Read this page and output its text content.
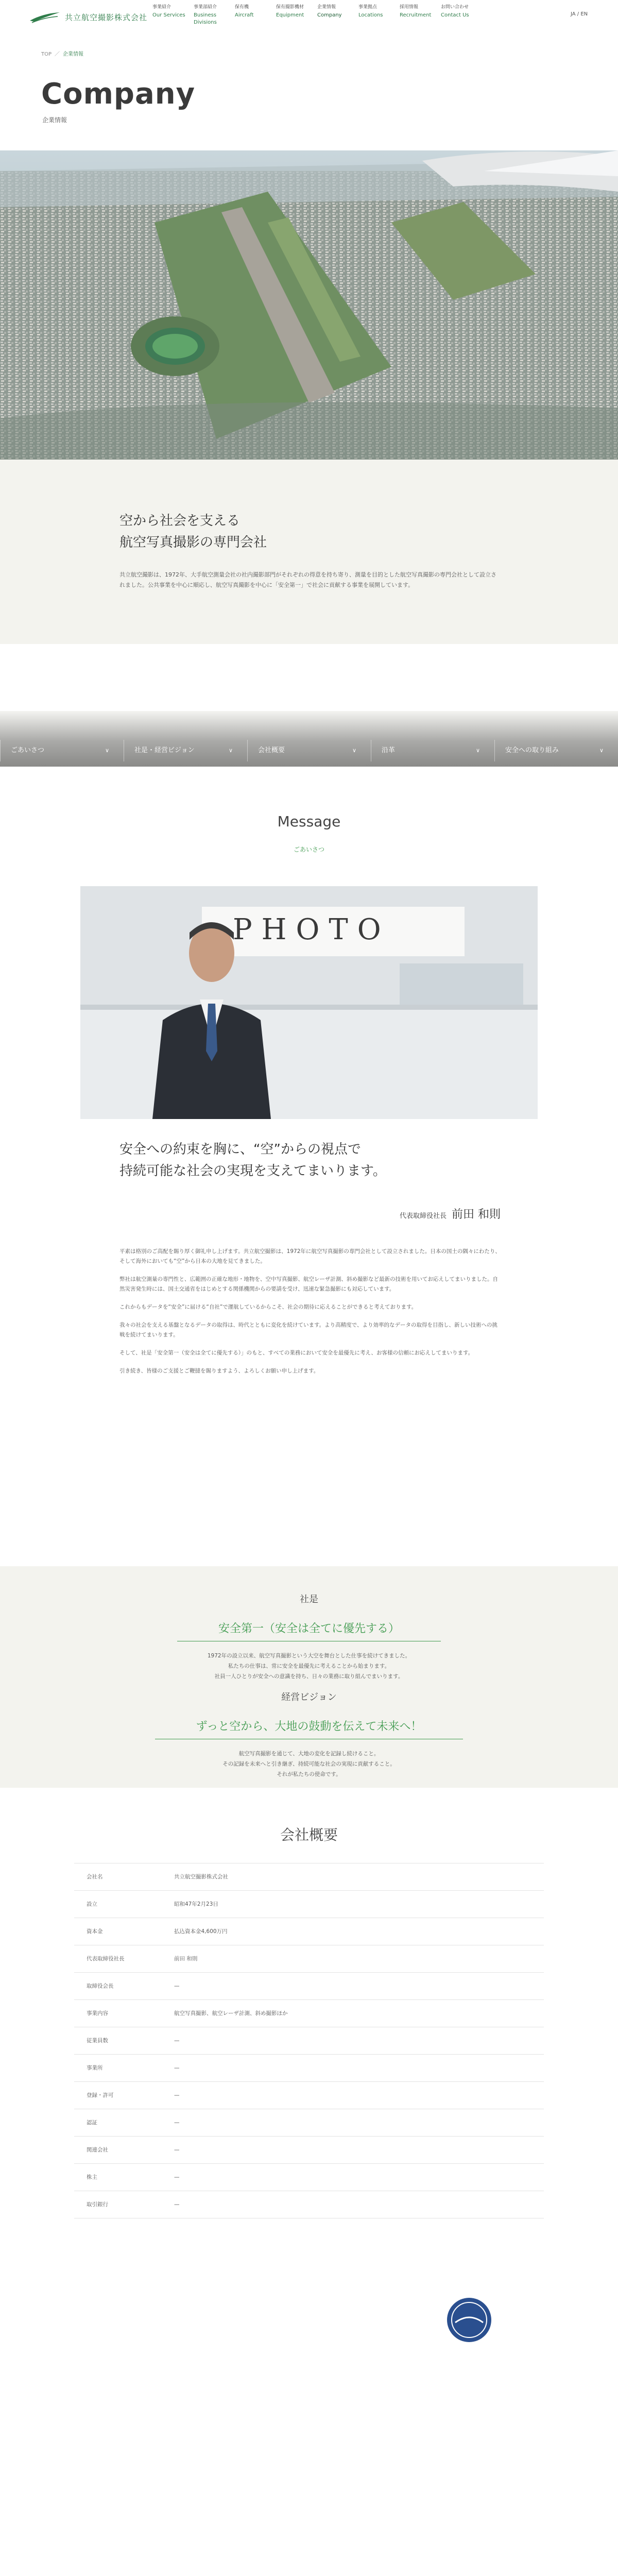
共立航空撮影株式会社
事業紹介
Our Services
事業部紹介
Business Divisions
保有機
Aircraft
保有撮影機材
Equipment
企業情報
Company
事業拠点
Locations
採用情報
Recruitment
お問い合わせ
Contact Us	JA / EN
TOP ／ 企業情報
Company
企業情報
空から社会を支える
航空写真撮影の専門会社
共立航空撮影は、1972年、大手航空測量会社の社内撮影部門がそれぞれの得意を持ち寄り、測量を目的とした航空写真撮影の専門会社として設立されました。公共事業を中心に順応し、航空写真撮影を中心に「安全第一」で社会に貢献する事業を展開しています。
ごあいさつ	∨	社是・経営ビジョン	∨	会社概要	∨	沿革	∨	安全への取り組み	∨
Message
ごあいさつ
PHOTO
安全への約束を胸に、“空”からの視点で
持続可能な社会の実現を支えてまいります。
代表取締役社長 前田 和則

平素は格別のご高配を賜り厚く御礼申し上げます。共立航空撮影は、1972年に航空写真撮影の専門会社として設立されました。日本の国土の隅々にわたり、そして海外においても“空”から日本の大地を見てきました。

弊社は航空測量の専門性と、広範囲の正確な地形・地物を、空中写真撮影、航空レーザ計測、斜め撮影など最新の技術を用いてお応えしてまいりました。自然災害発生時には、国土交通省をはじめとする関係機関からの要請を受け、迅速な緊急撮影にも対応しています。

これからもデータを“安全”に届ける“自社”で運航しているからこそ、社会の期待に応えることができると考えております。

我々の社会を支える基盤となるデータの取得は、時代とともに変化を続けています。より高精度で、より効率的なデータの取得を目指し、新しい技術への挑戦を続けてまいります。

そして、社是「安全第一（安全は全てに優先する）」のもと、すべての業務において安全を最優先に考え、お客様の信頼にお応えしてまいります。

引き続き、皆様のご支援とご鞭撻を賜りますよう、よろしくお願い申し上げます。

社是
安全第一（安全は全てに優先する）
1972年の設立以来、航空写真撮影という大空を舞台とした仕事を続けてきました。
私たちの仕事は、常に安全を最優先に考えることから始まります。
社員一人ひとりが安全への意識を持ち、日々の業務に取り組んでまいります。
経営ビジョン
ずっと空から、大地の鼓動を伝えて未来へ！
航空写真撮影を通じて、大地の変化を記録し続けること。
その記録を未来へと引き継ぎ、持続可能な社会の実現に貢献すること。
それが私たちの使命です。
会社概要
会社名	共立航空撮影株式会社

設立	昭和47年2月23日

資本金	払込資本金4,600万円

代表取締役社長	前田 和則

取締役会長	—

事業内容	航空写真撮影、航空レーザ計測、斜め撮影ほか

従業員数	—

事業所	—

登録・許可	—

認証	—

関連会社	—

株主	—

取引銀行	—
